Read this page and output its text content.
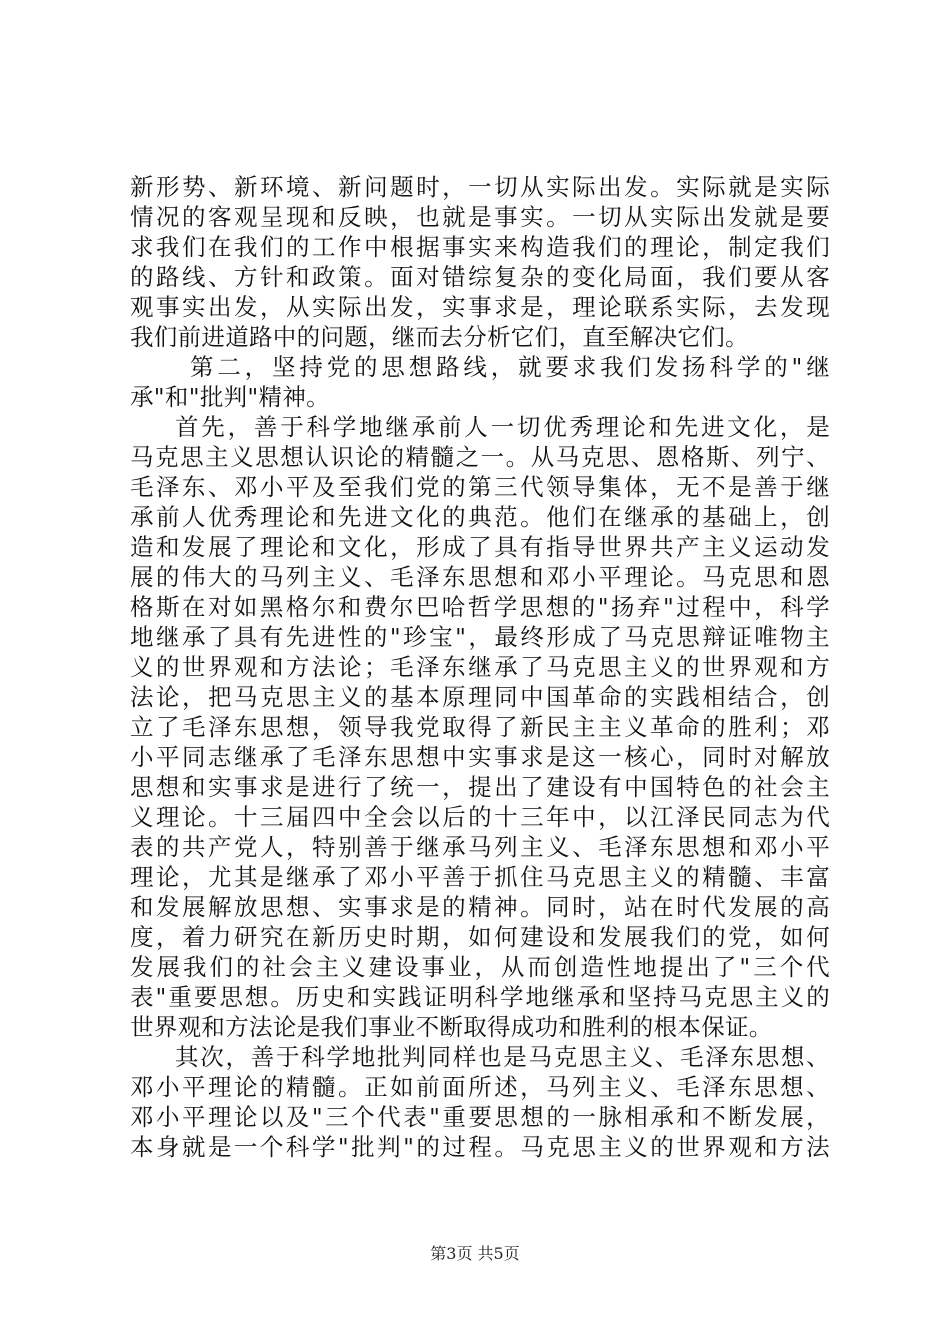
新形势、新环境、新问题时，一切从实际出发。实际就是实际
情况的客观呈现和反映，也就是事实。一切从实际出发就是要
求我们在我们的工作中根据事实来构造我们的理论，制定我们
的路线、方针和政策。面对错综复杂的变化局面，我们要从客
观事实出发，从实际出发，实事求是，理论联系实际，去发现
我们前进道路中的问题，继而去分析它们，直至解决它们。
第二，坚持党的思想路线，就要求我们发扬科学的"继
承"和"批判"精神。
首先，善于科学地继承前人一切优秀理论和先进文化，是
马克思主义思想认识论的精髓之一。从马克思、恩格斯、列宁、
毛泽东、邓小平及至我们党的第三代领导集体，无不是善于继
承前人优秀理论和先进文化的典范。他们在继承的基础上，创
造和发展了理论和文化，形成了具有指导世界共产主义运动发
展的伟大的马列主义、毛泽东思想和邓小平理论。马克思和恩
格斯在对如黑格尔和费尔巴哈哲学思想的"扬弃"过程中，科学
地继承了具有先进性的"珍宝"，最终形成了马克思辩证唯物主
义的世界观和方法论；毛泽东继承了马克思主义的世界观和方
法论，把马克思主义的基本原理同中国革命的实践相结合，创
立了毛泽东思想，领导我党取得了新民主主义革命的胜利；邓
小平同志继承了毛泽东思想中实事求是这一核心，同时对解放
思想和实事求是进行了统一，提出了建设有中国特色的社会主
义理论。十三届四中全会以后的十三年中，以江泽民同志为代
表的共产党人，特别善于继承马列主义、毛泽东思想和邓小平
理论，尤其是继承了邓小平善于抓住马克思主义的精髓、丰富
和发展解放思想、实事求是的精神。同时，站在时代发展的高
度，着力研究在新历史时期，如何建设和发展我们的党，如何
发展我们的社会主义建设事业，从而创造性地提出了"三个代
表"重要思想。历史和实践证明科学地继承和坚持马克思主义的
世界观和方法论是我们事业不断取得成功和胜利的根本保证。
其次，善于科学地批判同样也是马克思主义、毛泽东思想、
邓小平理论的精髓。正如前面所述，马列主义、毛泽东思想、
邓小平理论以及"三个代表"重要思想的一脉相承和不断发展，
本身就是一个科学"批判"的过程。马克思主义的世界观和方法
第3页 共5页
